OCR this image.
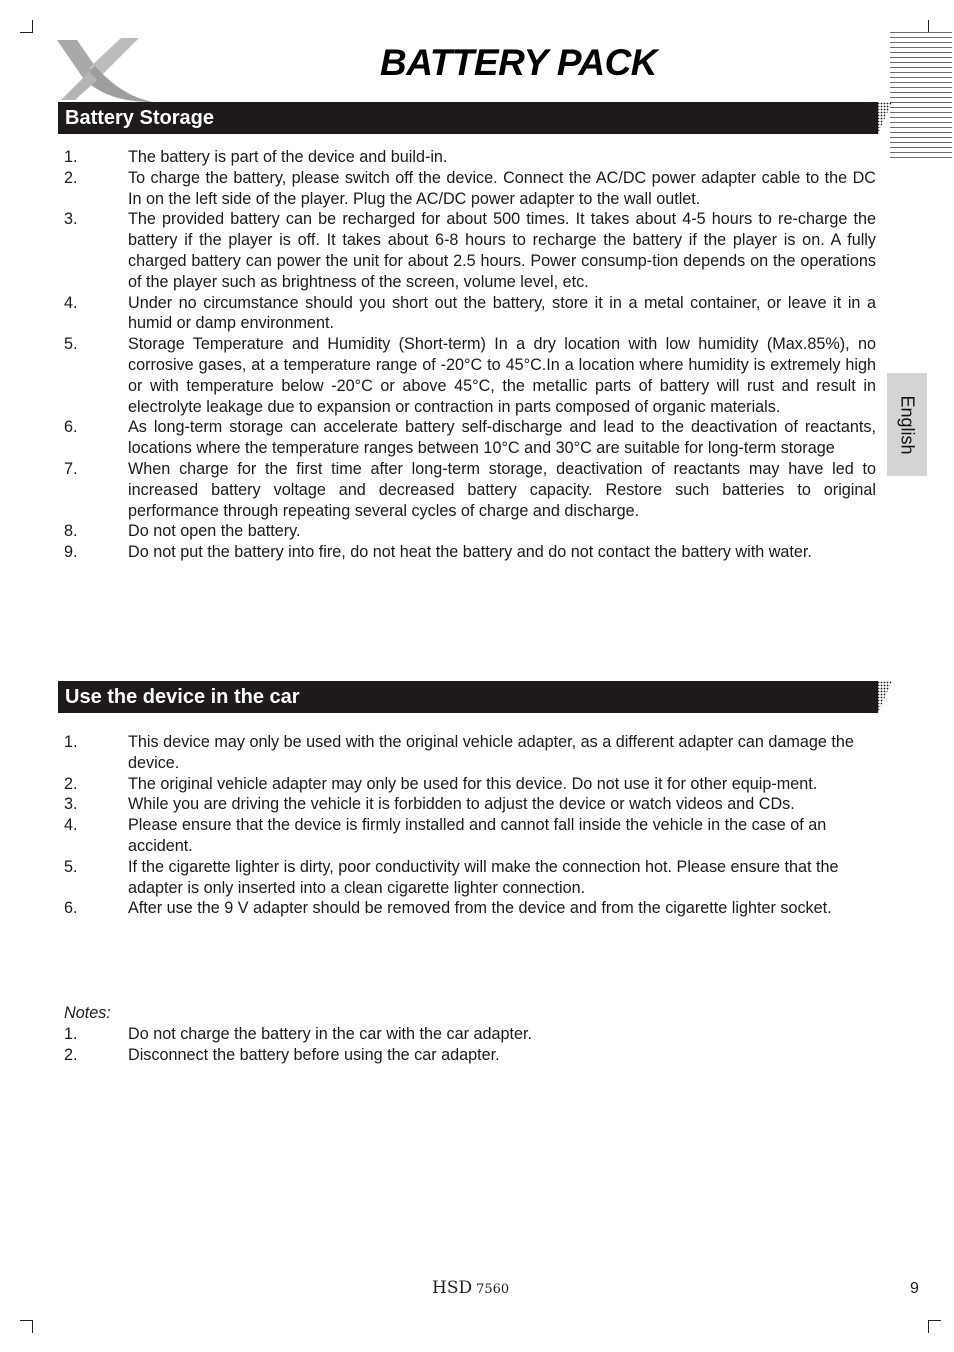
BATTERY PACK
Battery Storage
1.	The battery is part of the device and build-in.
2.	To charge the battery, please switch off the device. Connect the AC/DC power adapter cable to the DC In on the left side of the player. Plug the AC/DC power adapter to the wall outlet.
3.	The provided battery can be recharged for about 500 times. It takes about 4-5 hours to re-charge the battery if the player is off. It takes about 6-8 hours to recharge the battery if the player is on. A fully charged battery can power the unit for about 2.5 hours. Power consump-tion depends on the operations of the player such as brightness of the screen, volume level, etc.
4.	Under no circumstance should you short out the battery, store it in a metal container, or leave it in a humid or damp environment.
5.	Storage Temperature and Humidity (Short-term) In a dry location with low humidity (Max.85%), no corrosive gases, at a temperature range of -20°C to 45°C.In a location where humidity is extremely high or with temperature below -20°C or above 45°C, the metallic parts of battery will rust and result in electrolyte leakage due to expansion or contraction in parts composed of organic materials.
6.	As long-term storage can accelerate battery self-discharge and lead to the deactivation of reactants, locations where the temperature ranges between 10°C and 30°C are suitable for long-term storage
7.	When charge for the first time after long-term storage, deactivation of reactants may have led to increased battery voltage and decreased battery capacity. Restore such batteries to original performance through repeating several cycles of charge and discharge.
8.	Do not open the battery.
9.	Do not put the battery into fire, do not heat the battery and do not contact the battery with water.
Use the device in the car
1.	This device may only be used with the original vehicle adapter, as a different adapter can damage the device.
2.	The original vehicle adapter may only be used for this device. Do not use it for other equip-ment.
3.	While you are driving the vehicle it is forbidden to adjust the device or watch videos and CDs.
4.	Please ensure that the device is firmly installed and cannot fall inside the vehicle in the case of an accident.
5.	If the cigarette lighter is dirty, poor conductivity will make the connection hot. Please ensure that the adapter is only inserted into a clean cigarette lighter connection.
6.	After use the 9 V adapter should be removed from the device and from the cigarette lighter socket.
Notes:
1.	Do not charge the battery in the car with the car adapter.
2.	Disconnect the battery before using the car adapter.
English
HSD 7560	9
